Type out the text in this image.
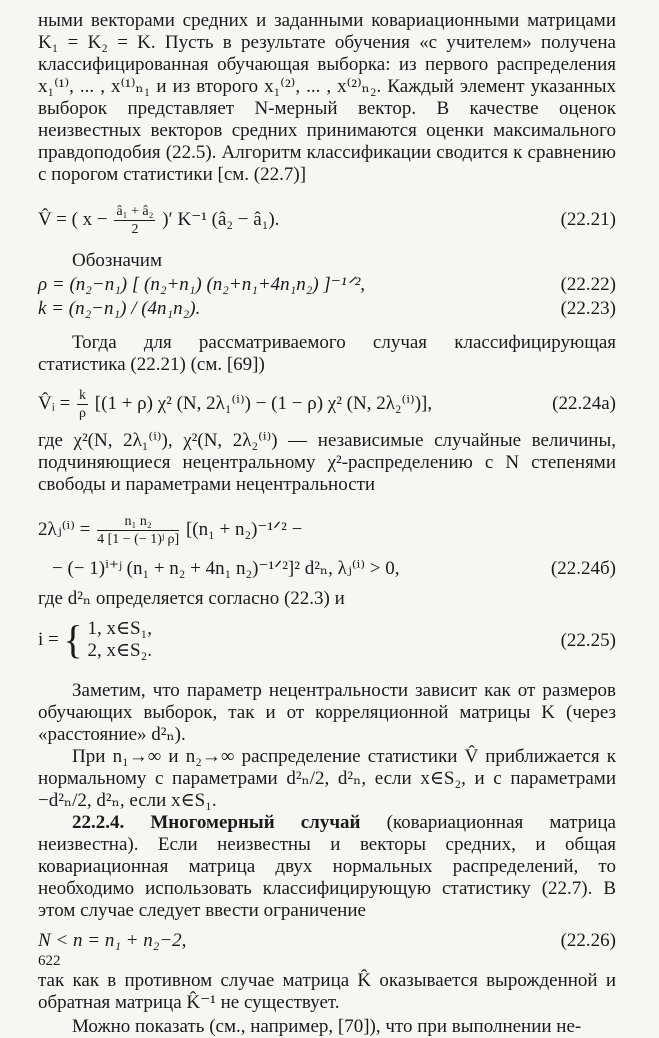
ными векторами средних и заданными ковариационными матрицами K₁ = K₂ = K. Пусть в результате обучения «с учителем» получена классифицированная обучающая выборка: из первого распределения x₁⁽¹⁾, ... , x⁽¹⁾ₙ₁ и из второго x₁⁽²⁾, ... , x⁽²⁾ₙ₂. Каждый элемент указанных выборок представляет N-мерный вектор. В качестве оценок неизвестных векторов средних принимаются оценки максимального правдоподобия (22.5). Алгоритм классификации сводится к сравнению с порогом статистики [см. (22.7)]

V̂ = ( $x - \frac{\text{â₁ + â₂}}{2}$ )′ K⁻¹ (â₂ − â₁).	(22.21)

Обозначим

ρ = (n₂−n₁) [ (n₂+n₁) (n₂+n₁+4n₁n₂) ]⁻¹ᐟ²,	(22.22)
k = (n₂−n₁) / (4n₁n₂).	(22.23)

Тогда для рассматриваемого случая классифицирующая статистика (22.21) (см. [69])

V̂ᵢ = $\frac{k}{\rho} [(1 + \rho)$ χ² (N, 2λ₁⁽ⁱ⁾) − (1 − ρ) χ² (N, 2λ₂⁽ⁱ⁾)],	(22.24а)

где χ²(N, 2λ₁⁽ⁱ⁾), χ²(N, 2λ₂⁽ⁱ⁾) — независимые случайные величины, подчиняющиеся нецентральному χ²-распределению с N степенями свободы и параметрами нецентральности

2λⱼ⁽ⁱ⁾ = $\frac{\text{n₁ n₂}}{\text{4 [1 − (− 1)ʲ ρ]}} [(n_1$ + n₂)⁻¹ᐟ² −
− (− 1)ⁱ⁺ʲ (n₁ + n₂ + 4n₁ n₂)⁻¹ᐟ²]² d²ₙ, λⱼ⁽ⁱ⁾ > 0,	(22.24б)

где d²ₙ определяется согласно (22.3) и

i = { 1, x∈S₁,
2, x∈S₂.	(22.25)

Заметим, что параметр нецентральности зависит как от размеров обучающих выборок, так и от корреляционной матрицы K (через «расстояние» d²ₙ).

При n₁→∞ и n₂→∞ распределение статистики V̂ приближается к нормальному с параметрами d²ₙ/2, d²ₙ, если x∈S₂, и с параметрами −d²ₙ/2, d²ₙ, если x∈S₁.

22.2.4. Многомерный случай (ковариационная матрица неизвестна). Если неизвестны и векторы средних, и общая ковариационная матрица двух нормальных распределений, то необходимо использовать классифицирующую статистику (22.7). В этом случае следует ввести ограничение

N < n = n₁ + n₂−2,	(22.26)

так как в противном случае матрица K̂ оказывается вырожденной и обратная матрица K̂⁻¹ не существует.

Можно показать (см., например, [70]), что при выполнении не-

622
